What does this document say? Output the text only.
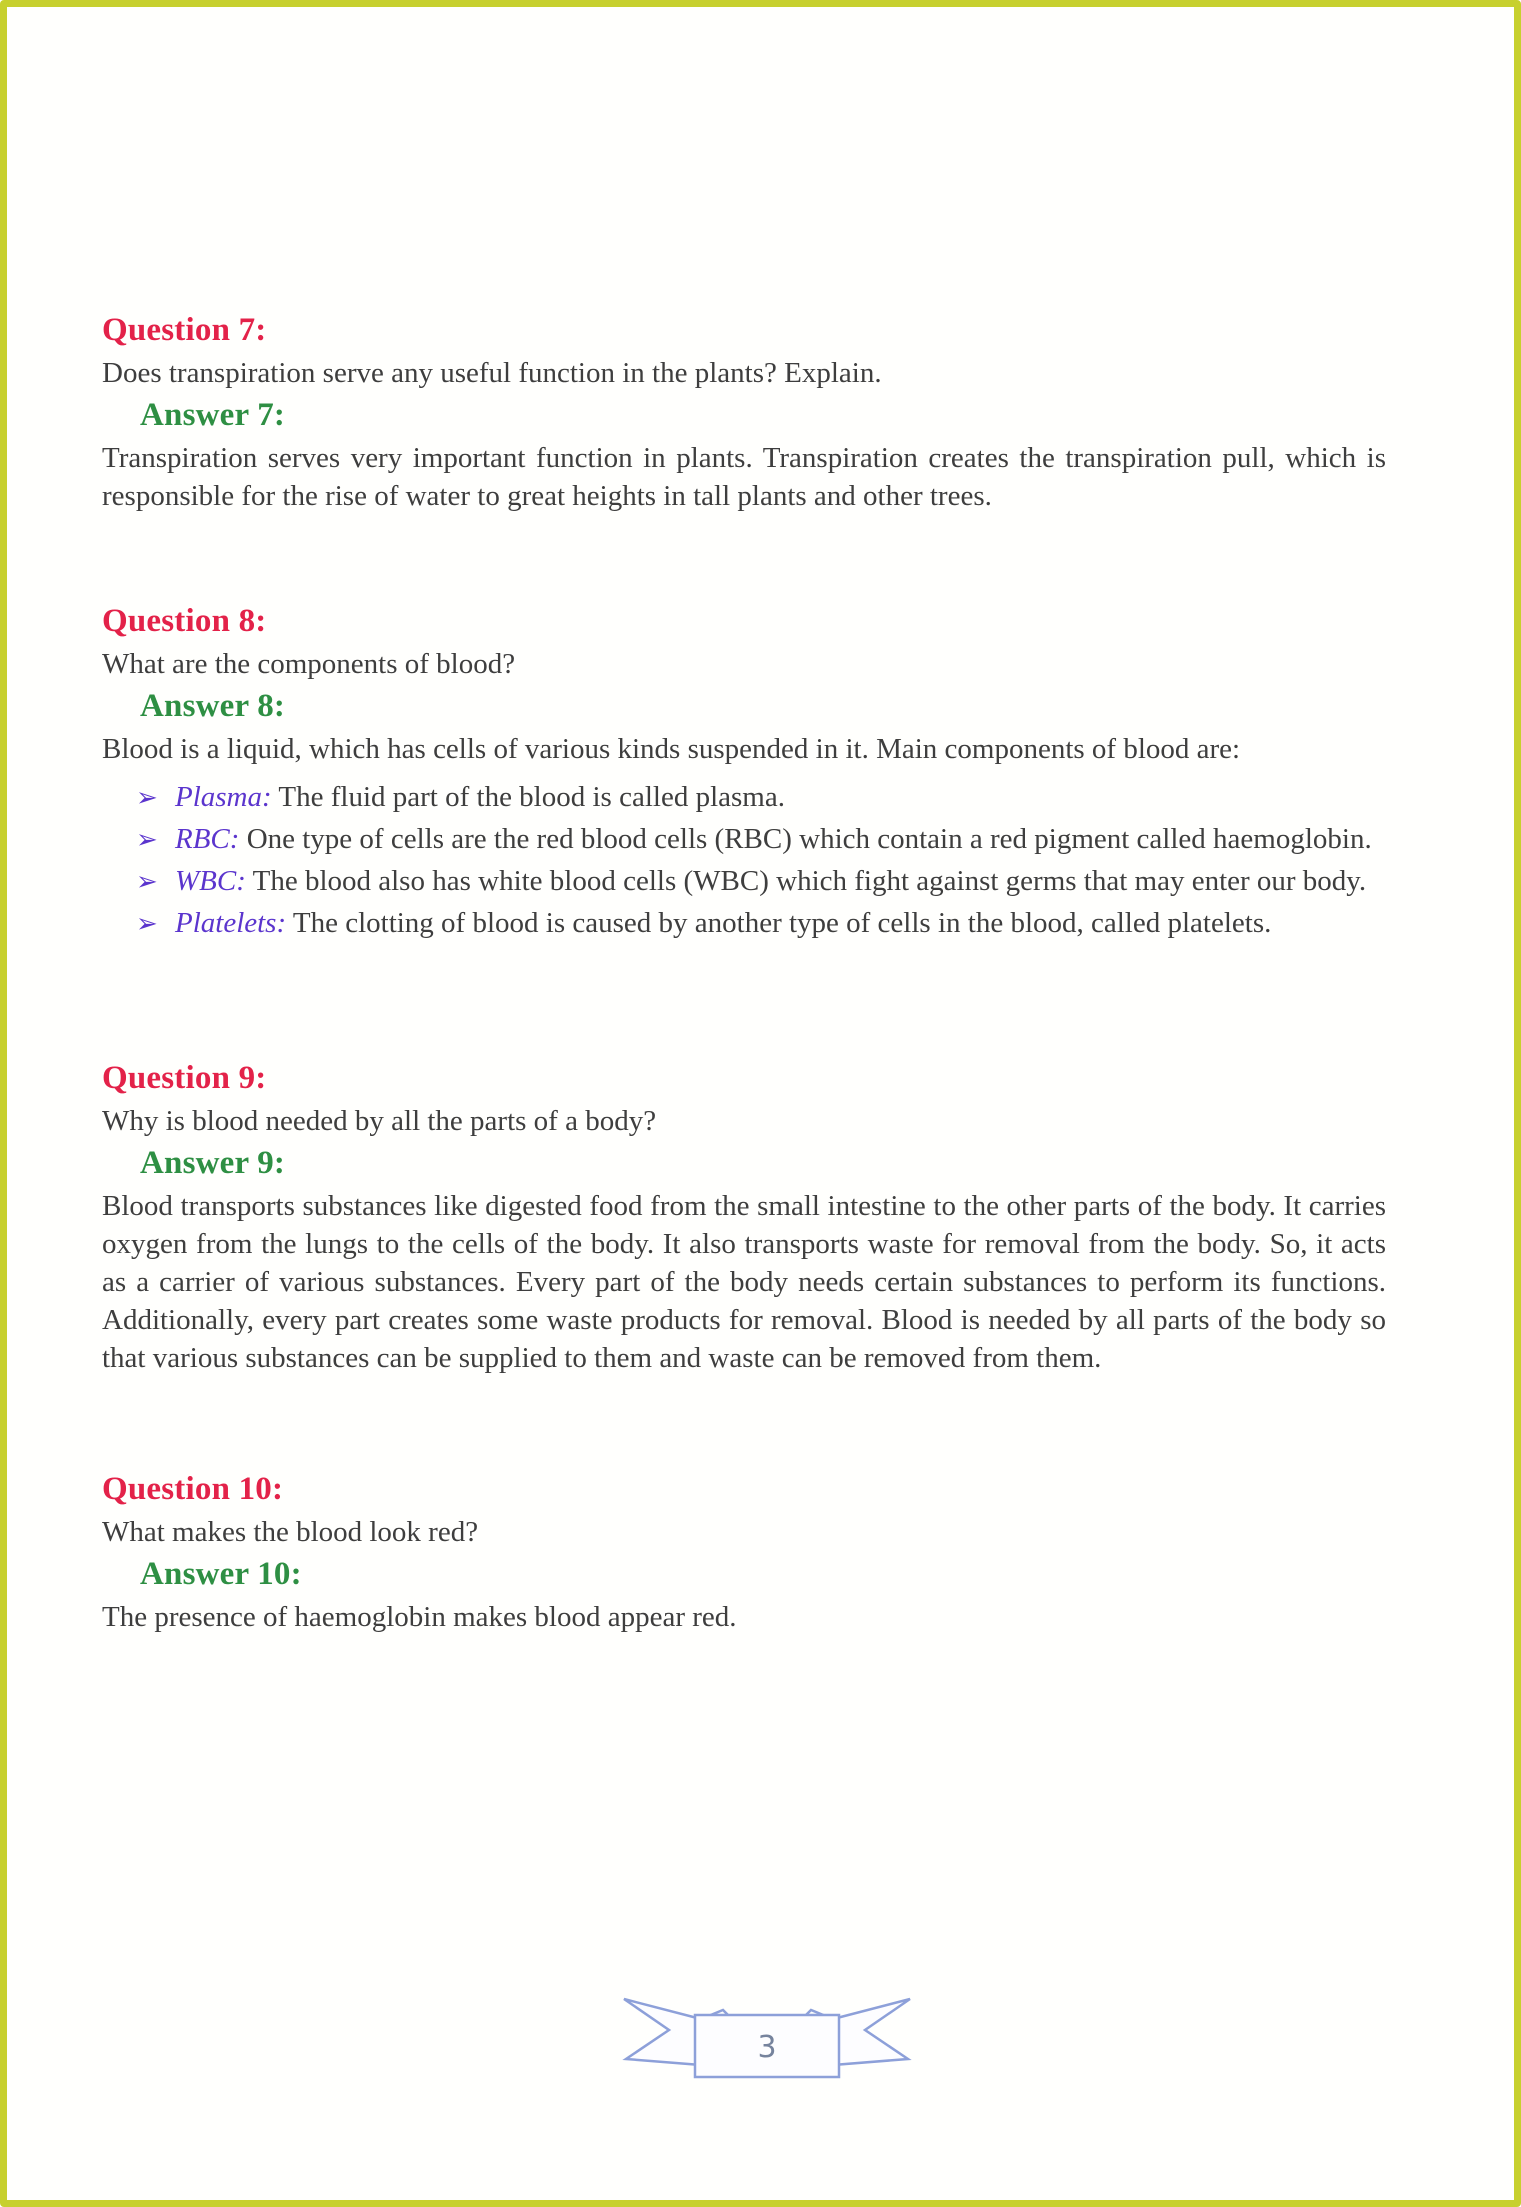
Question 7:

Does transpiration serve any useful function in the plants? Explain.

Answer 7:

Transpiration serves very important function in plants. Transpiration creates the transpiration pull, which is responsible for the rise of water to great heights in tall plants and other trees.

Question 8:

What are the components of blood?

Answer 8:

Blood is a liquid, which has cells of various kinds suspended in it. Main components of blood are:

➢ Plasma: The fluid part of the blood is called plasma.
➢ RBC: One type of cells are the red blood cells (RBC) which contain a red pigment called haemoglobin.
➢ WBC: The blood also has white blood cells (WBC) which fight against germs that may enter our body.
➢ Platelets: The clotting of blood is caused by another type of cells in the blood, called platelets.
Question 9:

Why is blood needed by all the parts of a body?

Answer 9:

Blood transports substances like digested food from the small intestine to the other parts of the body. It carries oxygen from the lungs to the cells of the body. It also transports waste for removal from the body. So, it acts as a carrier of various substances. Every part of the body needs certain substances to perform its functions. Additionally, every part creates some waste products for removal. Blood is needed by all parts of the body so that various substances can be supplied to them and waste can be removed from them.

Question 10:

What makes the blood look red?

Answer 10:

The presence of haemoglobin makes blood appear red.

3
